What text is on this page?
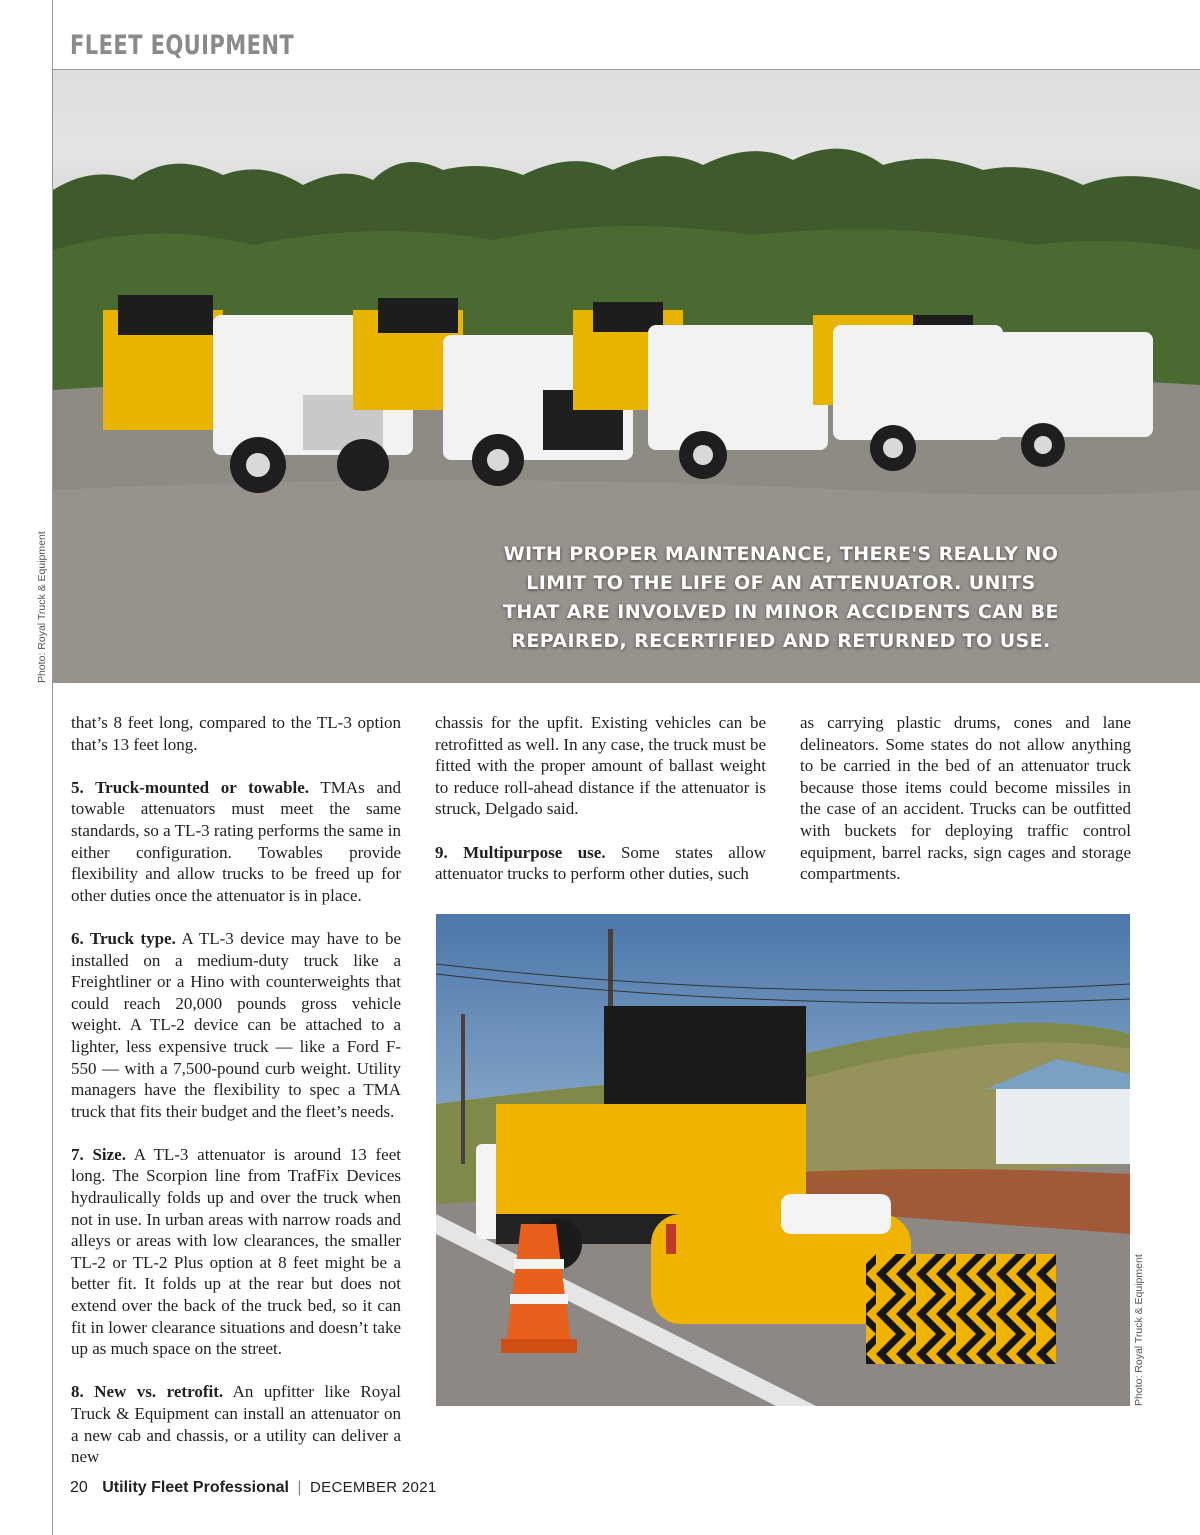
FLEET EQUIPMENT
WITH PROPER MAINTENANCE, THERE'S REALLY NO LIMIT TO THE LIFE OF AN ATTENUATOR. UNITS THAT ARE INVOLVED IN MINOR ACCIDENTS CAN BE REPAIRED, RECERTIFIED AND RETURNED TO USE.
Photo: Royal Truck & Equipment

that’s 8 feet long, compared to the TL-3 option that’s 13 feet long.

5. Truck-mounted or towable. TMAs and towable attenuators must meet the same standards, so a TL-3 rating performs the same in either configuration. Towables provide flexibility and allow trucks to be freed up for other duties once the attenuator is in place.

6. Truck type. A TL-3 device may have to be installed on a medium-duty truck like a Freightliner or a Hino with counterweights that could reach 20,000 pounds gross vehicle weight. A TL-2 device can be attached to a lighter, less expensive truck — like a Ford F-550 — with a 7,500-pound curb weight. Utility managers have the flexibility to spec a TMA truck that fits their budget and the fleet’s needs.

7. Size. A TL-3 attenuator is around 13 feet long. The Scorpion line from TrafFix Devices hydraulically folds up and over the truck when not in use. In urban areas with narrow roads and alleys or areas with low clearances, the smaller TL-2 or TL-2 Plus option at 8 feet might be a better fit. It folds up at the rear but does not extend over the back of the truck bed, so it can fit in lower clearance situations and doesn’t take up as much space on the street.

8. New vs. retrofit. An upfitter like Royal Truck & Equipment can install an attenuator on a new cab and chassis, or a utility can deliver a new

chassis for the upfit. Existing vehicles can be retrofitted as well. In any case, the truck must be fitted with the proper amount of ballast weight to reduce roll-ahead distance if the attenuator is struck, Delgado said.

9. Multipurpose use. Some states allow attenuator trucks to perform other duties, such

as carrying plastic drums, cones and lane delineators. Some states do not allow anything to be carried in the bed of an attenuator truck because those items could become missiles in the case of an accident. Trucks can be outfitted with buckets for deploying traffic control equipment, barrel racks, sign cages and storage compartments.

Photo: Royal Truck & Equipment
20 Utility Fleet Professional | DECEMBER 2021
